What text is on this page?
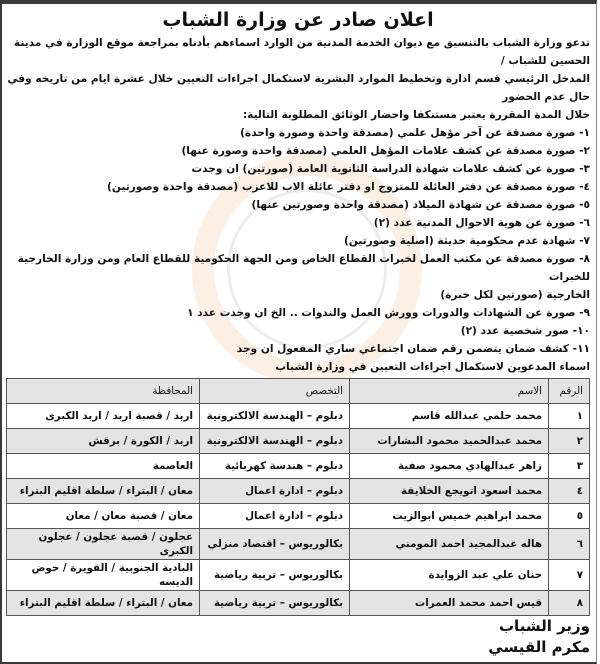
اعلان صادر عن وزارة الشباب
تدعو وزارة الشباب بالتنسيق مع ديوان الخدمة المدنية من الوارد اسماءهم بأدناه بمراجعة موقع الوزارة في مدينة الحسين للشباب /
المدخل الرئيسي قسم ادارة وتخطيط الموارد البشرية لاستكمال اجراءات التعيين خلال عشرة ايام من تاريخه وفي حال عدم الحضور
خلال المدة المقررة يعتبر مستنكفا واحضار الوثائق المطلوبة التالية:
١- صورة مصدقة عن آخر مؤهل علمي (مصدقة واحدة وصورة واحدة)
٢- صورة مصدقة عن كشف علامات المؤهل العلمي (مصدقة واحدة وصورة عنها)
٣- صورة عن كشف علامات شهادة الدراسة الثانوية العامة (صورتين) ان وجدت
٤- صورة مصدقة عن دفتر العائلة للمتزوج او دفتر عائلة الاب للاعزب (مصدقة واحدة وصورتين)
٥- صورة مصدقة عن شهادة الميلاد (مصدقة واحدة وصورتين عنها)
٦- صورة عن هوية الاحوال المدنية عدد (٢)
٧- شهادة عدم محكومية حديثة (اصلية وصورتين)
٨- صورة مصدقة عن مكتب العمل لخبرات القطاع الخاص ومن الجهة الحكومية للقطاع العام ومن وزارة الخارجية للخبرات
الخارجية (صورتين لكل خبرة)
٩- صورة عن الشهادات والدورات وورش العمل والندوات .. الخ ان وجدت عدد ١
١٠- صور شخصية عدد (٢)
١١- كشف ضمان يتضمن رقم ضمان اجتماعي ساري المفعول ان وجد
اسماء المدعوين لاستكمال اجراءات التعيين في وزارة الشباب
الرقم	الاسم	التخصص	المحافظة
١	محمد حلمي عبدالله قاسم	دبلوم – الهندسة الالكترونية	اربد / قصبة اربد / اربد الكبرى
٢	محمد عبدالحميد محمود البشارات	دبلوم – الهندسة الالكترونية	اربد / الكورة / برقش
٣	زاهر عبدالهادي محمود صفية	دبلوم – هندسة كهربائية	العاصمة
٤	محمد اسعود اتويجع الخلايفة	دبلوم – ادارة اعمال	معان / البتراء / سلطة اقليم البتراء
٥	محمد ابراهيم خميس ابوالزيت	دبلوم – ادارة اعمال	معان / قصبة معان / معان
٦	هاله عبدالمجيد احمد المومني	بكالوريوس – اقتصاد منزلي	عجلون / قصبة عجلون / عجلون الكبرى
٧	حنان علي عبد الزوايدة	بكالوريوس – تربية رياضية	البادية الجنوبية / القويرة / حوض الديسه
٨	قيس احمد محمد العمرات	بكالوريوس – تربية رياضية	معان / البتراء / سلطة اقليم البتراء
وزير الشباب
مكرم القيسي
